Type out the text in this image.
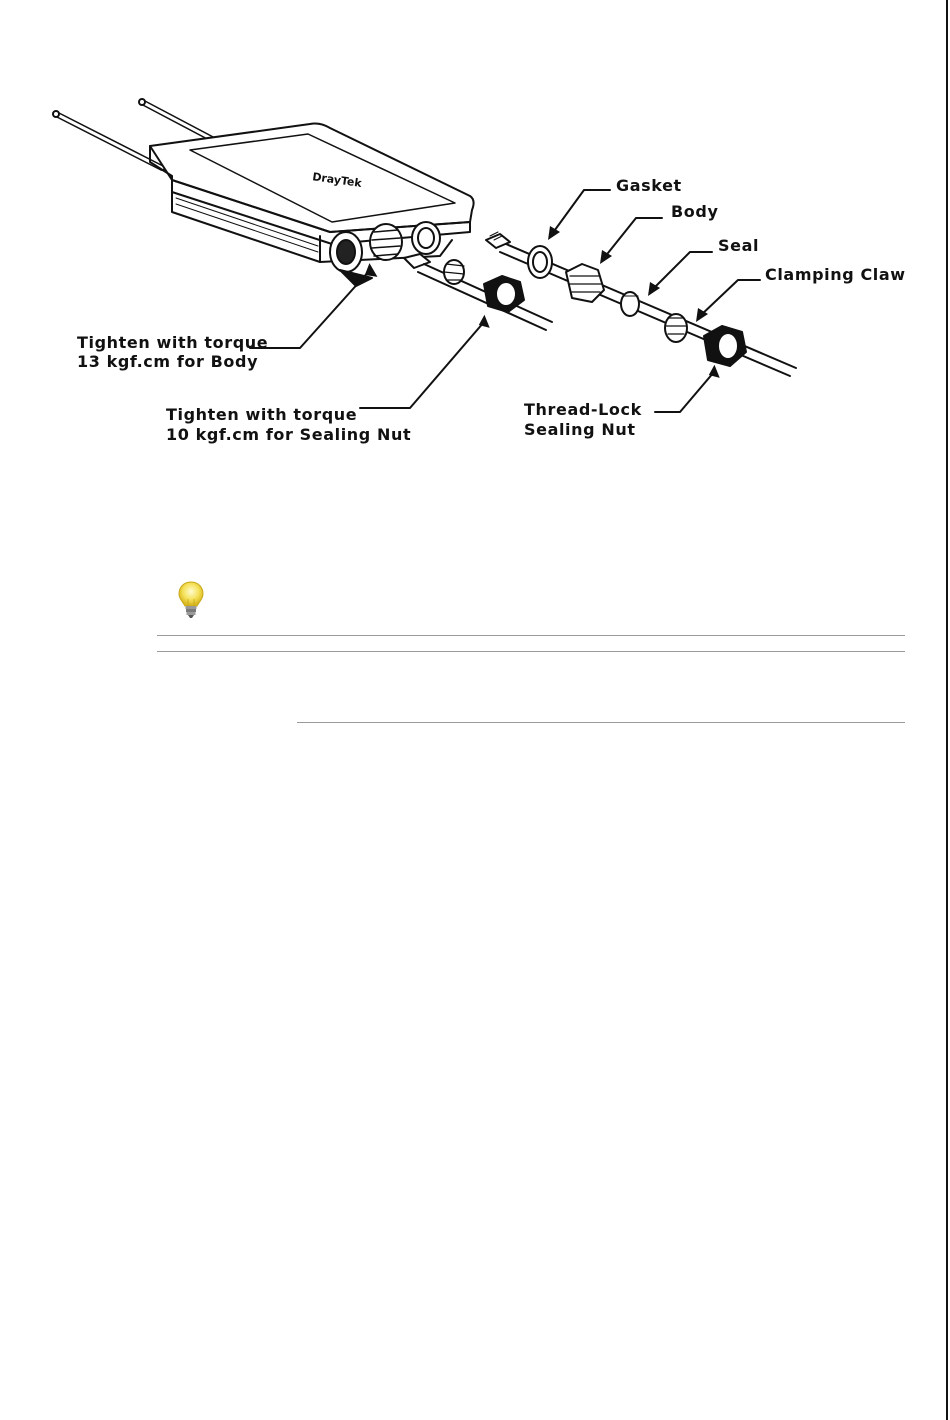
DrayTek	Gasket
Body
Seal
Clamping Claw
Thread-Lock
Sealing Nut
Tighten with torque
13 kgf.cm for Body
Tighten with torque
10 kgf.cm for Sealing Nut
